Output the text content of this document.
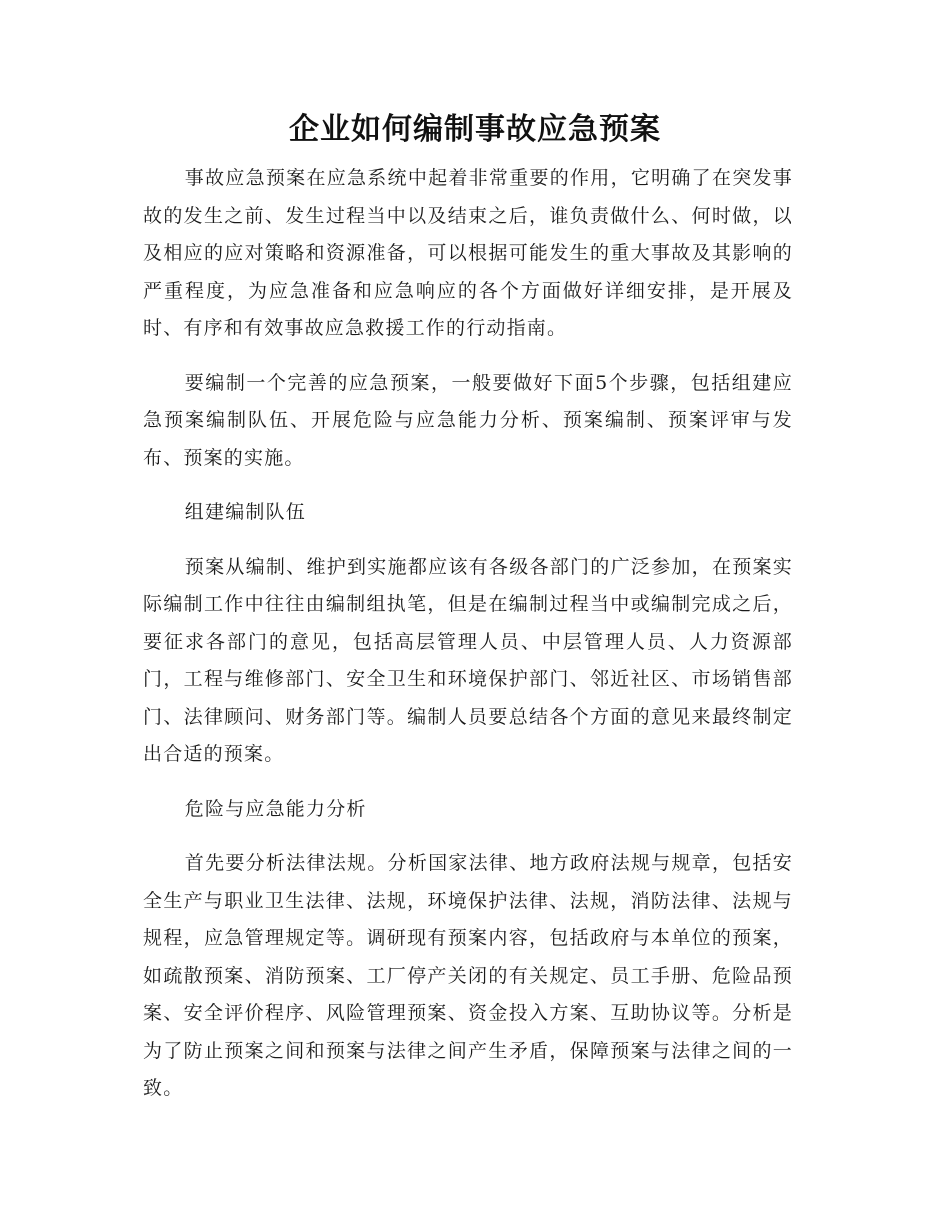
企业如何编制事故应急预案

事故应急预案在应急系统中起着非常重要的作用，它明确了在突发事故的发生之前、发生过程当中以及结束之后，谁负责做什么、何时做，以及相应的应对策略和资源准备，可以根据可能发生的重大事故及其影响的严重程度，为应急准备和应急响应的各个方面做好详细安排，是开展及时、有序和有效事故应急救援工作的行动指南。

要编制一个完善的应急预案，一般要做好下面5个步骤，包括组建应急预案编制队伍、开展危险与应急能力分析、预案编制、预案评审与发布、预案的实施。

组建编制队伍

预案从编制、维护到实施都应该有各级各部门的广泛参加，在预案实际编制工作中往往由编制组执笔，但是在编制过程当中或编制完成之后，要征求各部门的意见，包括高层管理人员、中层管理人员、人力资源部门，工程与维修部门、安全卫生和环境保护部门、邻近社区、市场销售部门、法律顾问、财务部门等。编制人员要总结各个方面的意见来最终制定出合适的预案。

危险与应急能力分析

首先要分析法律法规。分析国家法律、地方政府法规与规章，包括安全生产与职业卫生法律、法规，环境保护法律、法规，消防法律、法规与规程，应急管理规定等。调研现有预案内容，包括政府与本单位的预案，如疏散预案、消防预案、工厂停产关闭的有关规定、员工手册、危险品预案、安全评价程序、风险管理预案、资金投入方案、互助协议等。分析是为了防止预案之间和预案与法律之间产生矛盾，保障预案与法律之间的一致。
